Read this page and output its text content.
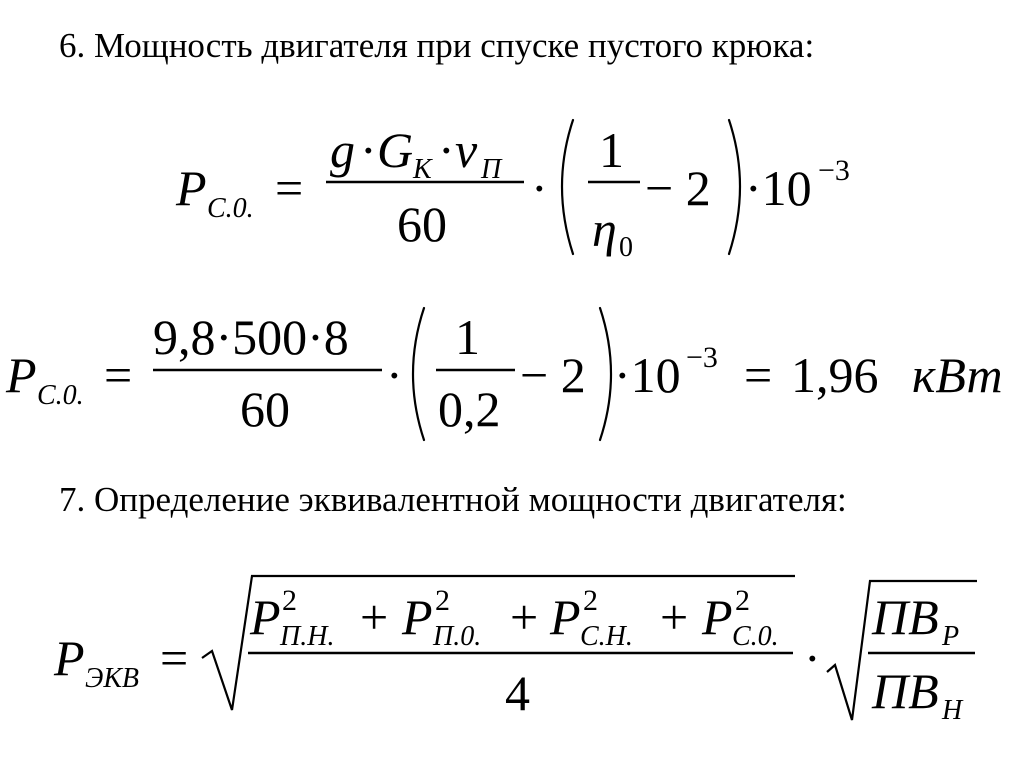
6. Мощность двигателя при спуске пустого крюка:
P С.0. =
g · G K · v П
60
·
1
η 0
− 2 ·10 −3
P С.0. =
9,8·500·8
60
·
1
0,2
− 2 ·10 −3 = 1,96 кВт
7. Определение эквивалентной мощности двигателя:
P ЭКВ =
P 2
П.Н. + P 2
П.0. + P 2
С.Н. + P 2
С.0.
4
·
ПВ Р
ПВ Н
